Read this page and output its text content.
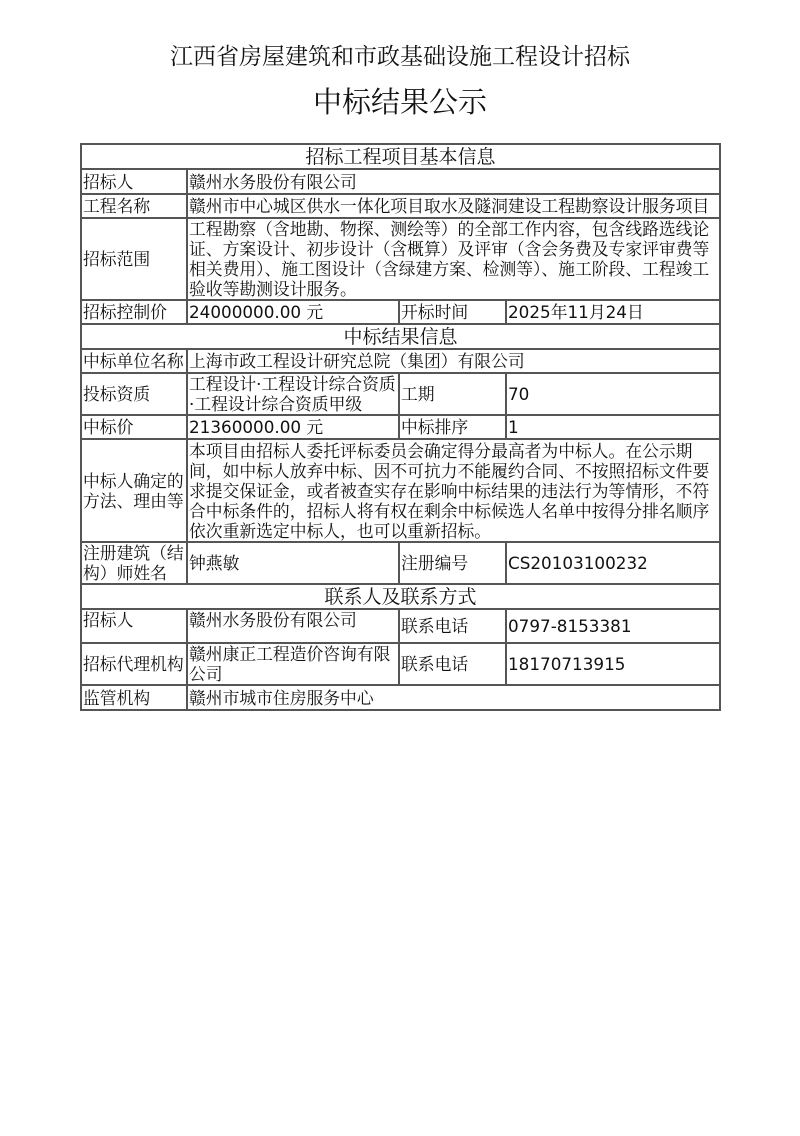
江西省房屋建筑和市政基础设施工程设计招标
中标结果公示
招标工程项目基本信息			
招标人	赣州水务股份有限公司		
工程名称	赣州市中心城区供水一体化项目取水及隧洞建设工程勘察设计服务项目		
招标范围	工程勘察（含地勘、物探、测绘等）的全部工作内容，包含线路选线论证、方案设计、初步设计（含概算）及评审（含会务费及专家评审费等相关费用）、施工图设计（含绿建方案、检测等）、施工阶段、工程竣工验收等勘测设计服务。		
招标控制价	24000000.00 元	开标时间	2025年11月24日
中标结果信息			
中标单位名称	上海市政工程设计研究总院（集团）有限公司		
投标资质	工程设计·工程设计综合资质·工程设计综合资质甲级	工期	70
中标价	21360000.00 元	中标排序	1
中标人确定的方法、理由等	本项目由招标人委托评标委员会确定得分最高者为中标人。在公示期间，如中标人放弃中标、因不可抗力不能履约合同、不按照招标文件要求提交保证金，或者被查实存在影响中标结果的违法行为等情形，不符合中标条件的，招标人将有权在剩余中标候选人名单中按得分排名顺序依次重新选定中标人，也可以重新招标。		
注册建筑（结构）师姓名	钟燕敏	注册编号	CS20103100232
联系人及联系方式			
招标人	赣州水务股份有限公司	联系电话	0797-8153381
招标代理机构	赣州康正工程造价咨询有限公司	联系电话	18170713915
监管机构	赣州市城市住房服务中心		
